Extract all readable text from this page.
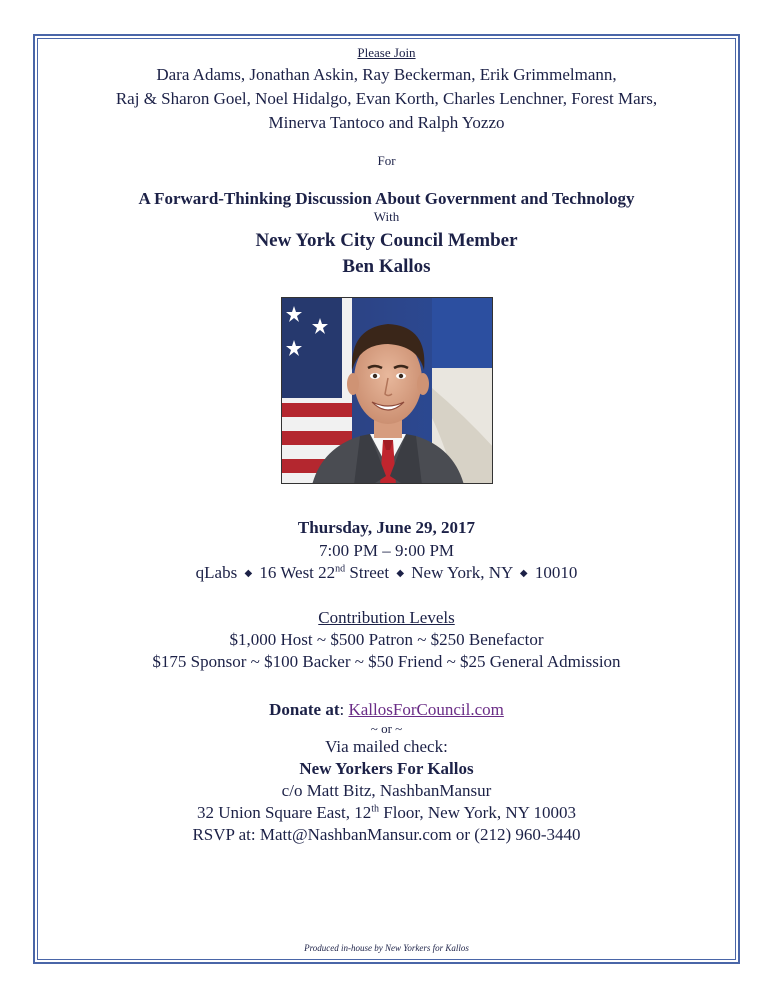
Please Join

Dara Adams, Jonathan Askin, Ray Beckerman, Erik Grimmelmann,
Raj & Sharon Goel, Noel Hidalgo, Evan Korth, Charles Lenchner, Forest Mars,
Minerva Tantoco and Ralph Yozzo

For

A Forward-Thinking Discussion About Government and Technology

With

New York City Council Member

Ben Kallos

Thursday, June 29, 2017

7:00 PM – 9:00 PM

qLabs ◆ 16 West 22nd Street ◆ New York, NY ◆ 10010

Contribution Levels

$1,000 Host ~ $500 Patron ~ $250 Benefactor

$175 Sponsor ~ $100 Backer ~ $50 Friend ~ $25 General Admission

Donate at: KallosForCouncil.com

~ or ~

Via mailed check:

New Yorkers For Kallos

c/o Matt Bitz, NashbanMansur

32 Union Square East, 12th Floor, New York, NY 10003

RSVP at: Matt@NashbanMansur.com or (212) 960-3440

Produced in-house by New Yorkers for Kallos
